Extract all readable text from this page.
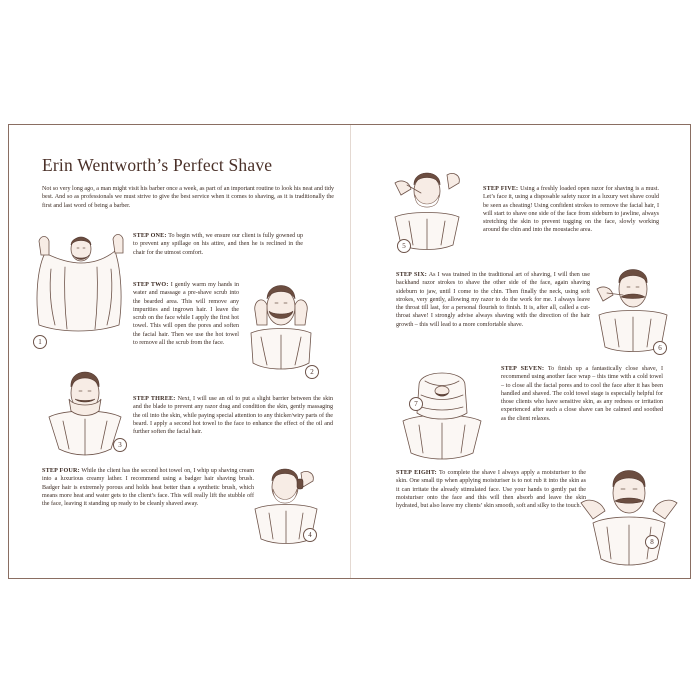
Erin Wentworth’s Perfect Shave

Not so very long ago, a man might visit his barber once a week, as part of an important routine to look his neat and tidy best. And so as professionals we must strive to give the best service when it comes to shaving, as it is traditionally the first and last word of being a barber.

1

STEP ONE: To begin with, we ensure our client is fully gowned up to prevent any spillage on his attire, and then he is reclined in the chair for the utmost comfort.

STEP TWO: I gently warm my hands in water and massage a pre-shave scrub into the bearded area. This will remove any impurities and ingrown hair. I leave the scrub on the face while I apply the first hot towel. This will open the pores and soften the facial hair. Then we use the hot towel to remove all the scrub from the face.

2
3

STEP THREE: Next, I will use an oil to put a slight barrier between the skin and the blade to prevent any razor drag and condition the skin, gently massaging the oil into the skin, while paying special attention to any thicker/wiry parts of the beard. I apply a second hot towel to the face to enhance the effect of the oil and further soften the facial hair.

STEP FOUR: While the client has the second hot towel on, I whip up shaving cream into a luxurious creamy lather. I recommend using a badger hair shaving brush. Badger hair is extremely porous and holds heat better than a synthetic brush, which means more heat and water gets to the client’s face. This will really lift the stubble off the face, leaving it standing up ready to be cleanly shaved away.

4
5

STEP FIVE: Using a freshly loaded open razor for shaving is a must. Let’s face it, using a disposable safety razor in a luxury wet shave could be seen as cheating! Using confident strokes to remove the facial hair, I will start to shave one side of the face from sideburn to jawline, always stretching the skin to prevent tugging on the face, slowly working around the chin and into the moustache area.

STEP SIX: As I was trained in the traditional art of shaving, I will then use backhand razor strokes to shave the other side of the face, again shaving sideburn to jaw, until I come to the chin. Then finally the neck, using soft strokes, very gently, allowing my razor to do the work for me. I always leave the throat till last, for a personal flourish to finish. It is, after all, called a cut-throat shave! I strongly advise always shaving with the direction of the hair growth – this will lead to a more comfortable shave.

6
7

STEP SEVEN: To finish up a fantastically close shave, I recommend using another face wrap – this time with a cold towel – to close all the facial pores and to cool the face after it has been handled and shaved. The cold towel stage is especially helpful for those clients who have sensitive skin, as any redness or irritation experienced after such a close shave can be calmed and soothed as the client relaxes.

STEP EIGHT: To complete the shave I always apply a moisturiser to the skin. One small tip when applying moisturiser is to not rub it into the skin as it can irritate the already stimulated face. Use your hands to gently pat the moisturiser onto the face and this will then absorb and leave the skin hydrated, but also leave my clients’ skin smooth, soft and silky to the touch.

8
